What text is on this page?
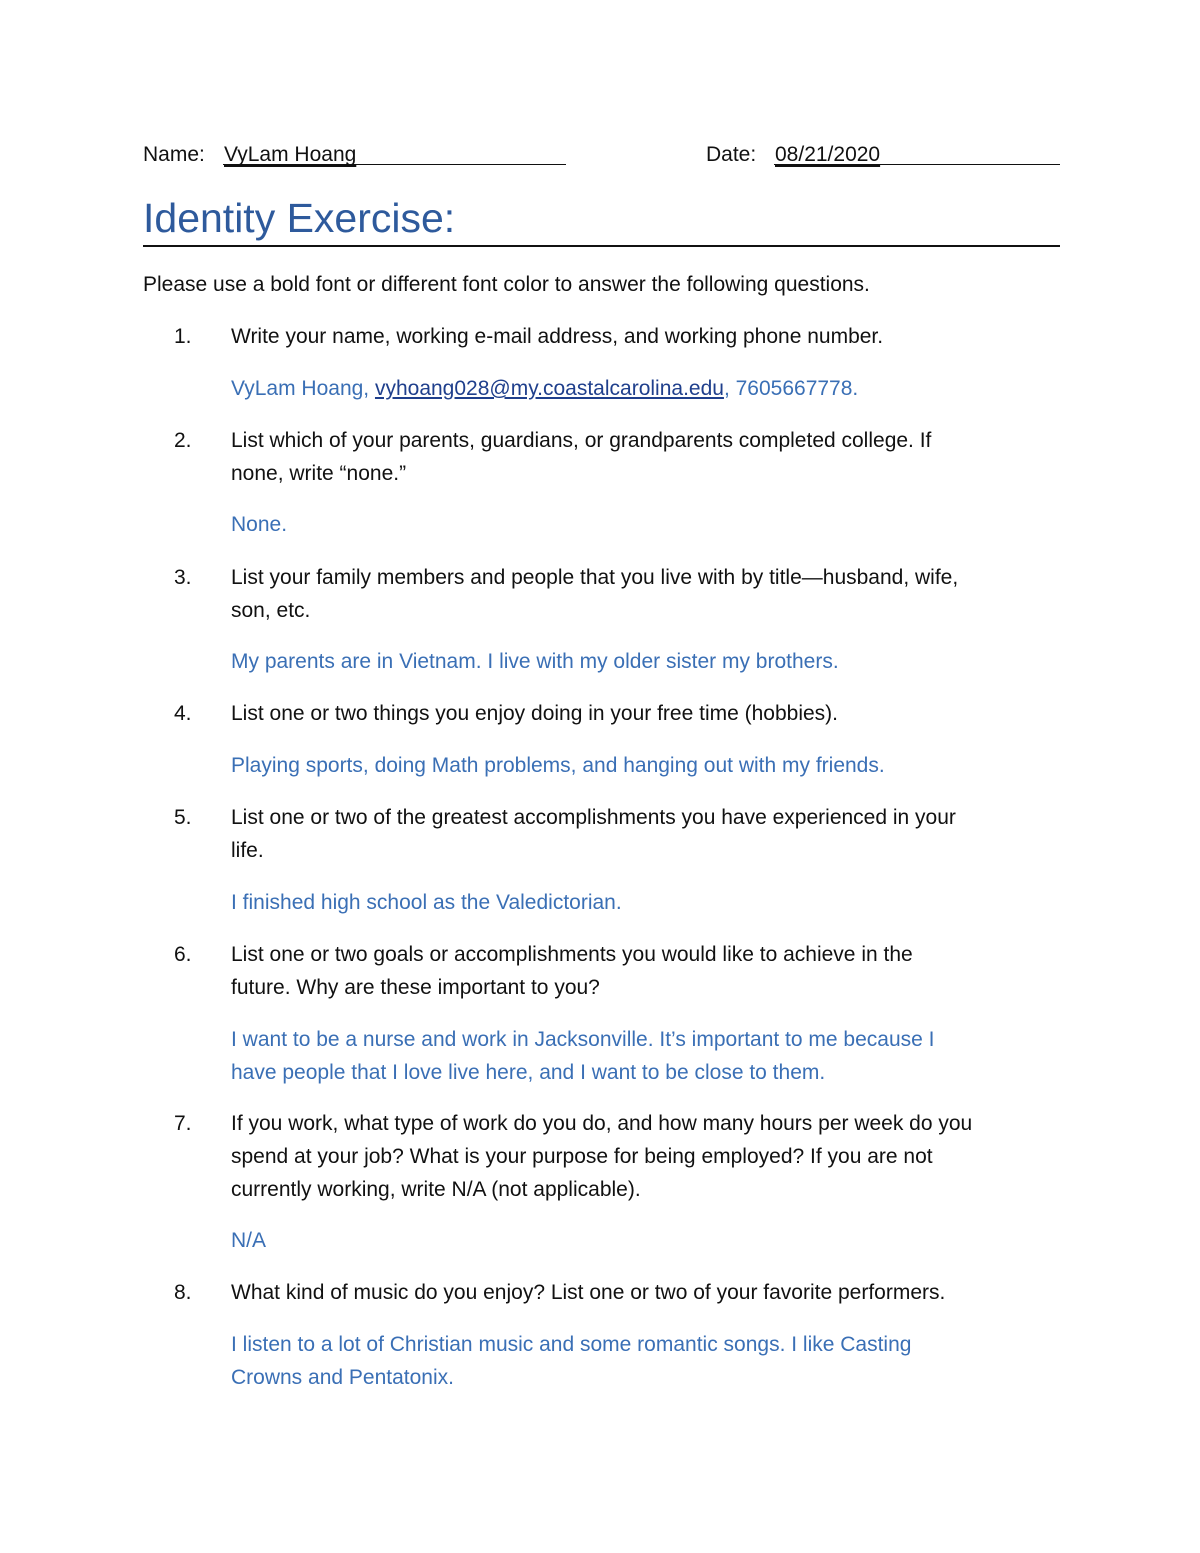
Name: VyLam Hoang	Date: 08/21/2020
Identity Exercise:
Please use a bold font or different font color to answer the following questions.
1.	Write your name, working e-mail address, and working phone number.
VyLam Hoang, vyhoang028@my.coastalcarolina.edu, 7605667778.
2.	List which of your parents, guardians, or grandparents completed college. If
none, write “none.”
None.
3.	List your family members and people that you live with by title—husband, wife,
son, etc.
My parents are in Vietnam. I live with my older sister my brothers.
4.	List one or two things you enjoy doing in your free time (hobbies).
Playing sports, doing Math problems, and hanging out with my friends.
5.	List one or two of the greatest accomplishments you have experienced in your
life.
I finished high school as the Valedictorian.
6.	List one or two goals or accomplishments you would like to achieve in the
future. Why are these important to you?
I want to be a nurse and work in Jacksonville. It’s important to me because I
have people that I love live here, and I want to be close to them.
7.	If you work, what type of work do you do, and how many hours per week do you
spend at your job? What is your purpose for being employed? If you are not
currently working, write N/A (not applicable).
N/A
8.	What kind of music do you enjoy? List one or two of your favorite performers.
I listen to a lot of Christian music and some romantic songs. I like Casting
Crowns and Pentatonix.
